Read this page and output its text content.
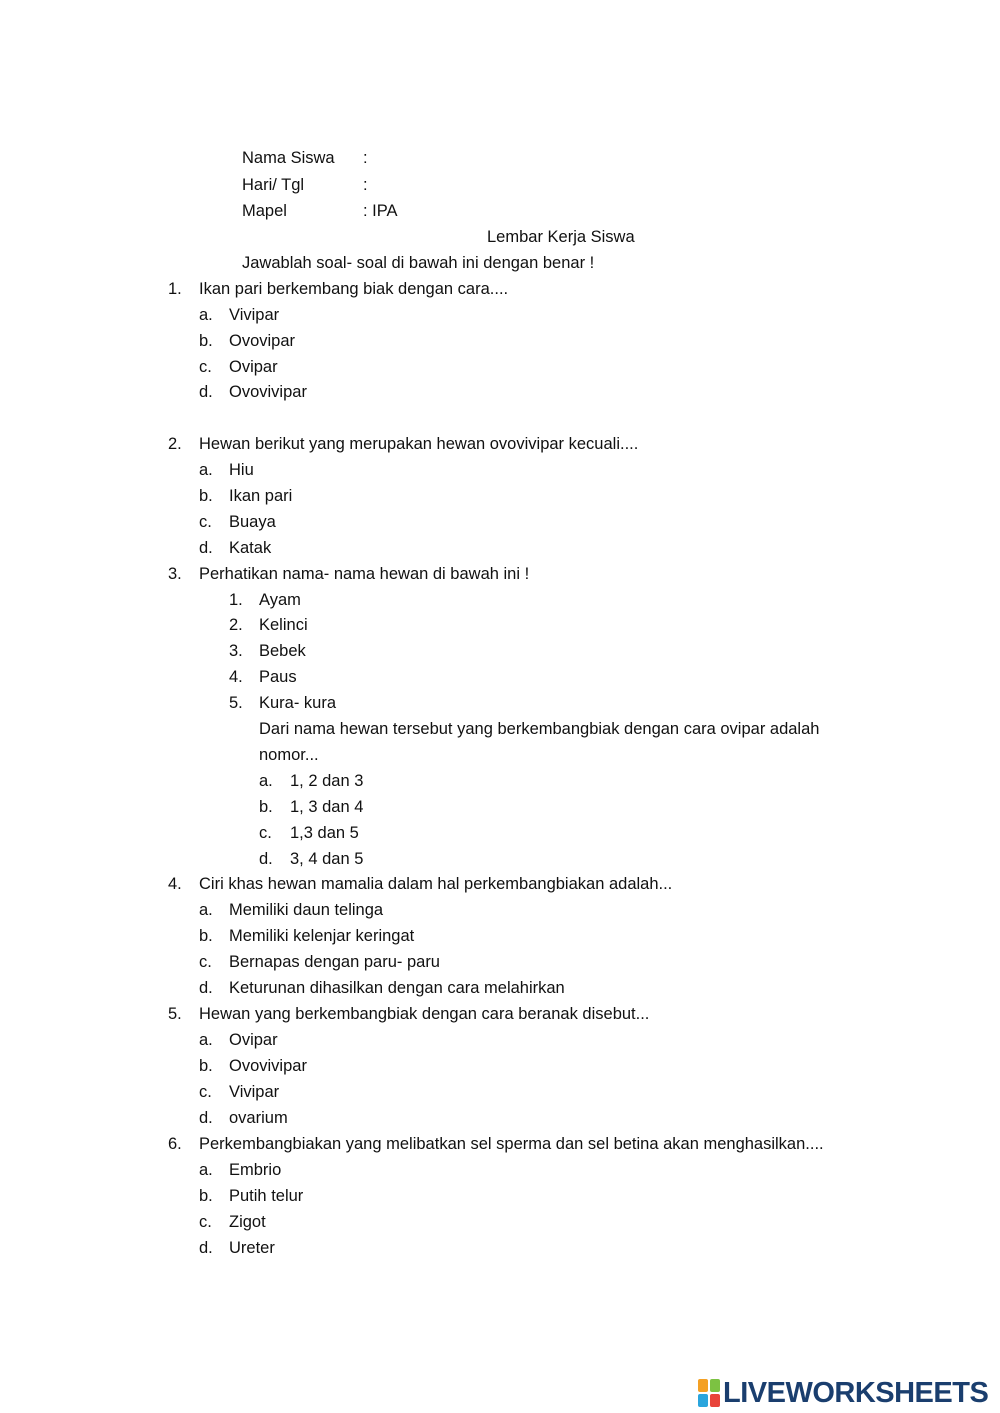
Nama Siswa :
Hari/ Tgl	:
Mapel	: IPA
Lembar Kerja Siswa
Jawablah soal- soal di bawah ini dengan benar !
1. Ikan pari berkembang biak dengan cara....
a. Vivipar
b. Ovovipar
c. Ovipar
d. Ovovivipar
2. Hewan berikut yang merupakan hewan ovovivipar kecuali....
a. Hiu
b. Ikan pari
c. Buaya
d. Katak
3. Perhatikan nama- nama hewan di bawah ini !
1. Ayam
2. Kelinci
3. Bebek
4. Paus
5. Kura- kura
Dari nama hewan tersebut yang berkembangbiak dengan cara ovipar adalah
nomor...
a. 1, 2 dan 3
b. 1, 3 dan 4
c. 1,3 dan 5
d. 3, 4 dan 5
4. Ciri khas hewan mamalia dalam hal perkembangbiakan adalah...
a. Memiliki daun telinga
b. Memiliki kelenjar keringat
c. Bernapas dengan paru- paru
d. Keturunan dihasilkan dengan cara melahirkan
5. Hewan yang berkembangbiak dengan cara beranak disebut...
a. Ovipar
b. Ovovivipar
c. Vivipar
d. ovarium
6. Perkembangbiakan yang melibatkan sel sperma dan sel betina akan menghasilkan....
a. Embrio
b. Putih telur
c. Zigot
d. Ureter
LIVEWORKSHEETS
